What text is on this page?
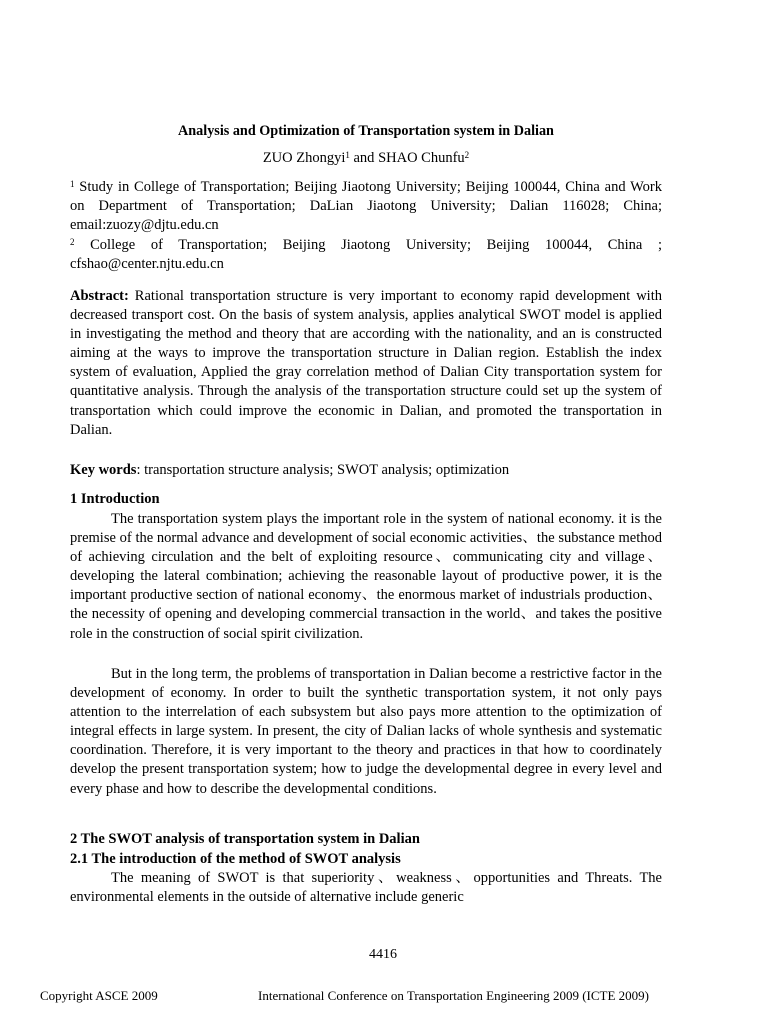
Analysis and Optimization of Transportation system in Dalian
ZUO Zhongyi$^1$ and SHAO Chunfu$^2$

$^1$ Study in College of Transportation; Beijing Jiaotong University; Beijing 100044, China and Work on Department of Transportation; DaLian Jiaotong University; Dalian 116028; China; email:zuozy@djtu.edu.cn

$^2$ College of Transportation; Beijing Jiaotong University; Beijing 100044, China ; cfshao@center.njtu.edu.cn

Abstract: Rational transportation structure is very important to economy rapid development with decreased transport cost. On the basis of system analysis, applies analytical SWOT model is applied in investigating the method and theory that are according with the nationality, and an is constructed aiming at the ways to improve the transportation structure in Dalian region. Establish the index system of evaluation, Applied the gray correlation method of Dalian City transportation system for quantitative analysis. Through the analysis of the transportation structure could set up the system of transportation which could improve the economic in Dalian, and promoted the transportation in Dalian.

Key words: transportation structure analysis; SWOT analysis; optimization

1 Introduction

The transportation system plays the important role in the system of national economy. it is the premise of the normal advance and development of social economic activities、the substance method of achieving circulation and the belt of exploiting resource、communicating city and village、developing the lateral combination; achieving the reasonable layout of productive power, it is the important productive section of national economy、the enormous market of industrials production、the necessity of opening and developing commercial transaction in the world、and takes the positive role in the construction of social spirit civilization.

But in the long term, the problems of transportation in Dalian become a restrictive factor in the development of economy. In order to built the synthetic transportation system, it not only pays attention to the interrelation of each subsystem but also pays more attention to the optimization of integral effects in large system. In present, the city of Dalian lacks of whole synthesis and systematic coordination. Therefore, it is very important to the theory and practices in that how to coordinately develop the present transportation system; how to judge the developmental degree in every level and every phase and how to describe the developmental conditions.

2 The SWOT analysis of transportation system in Dalian

2.1 The introduction of the method of SWOT analysis

The meaning of SWOT is that superiority、weakness、opportunities and Threats. The environmental elements in the outside of alternative include generic

4416
Copyright ASCE 2009	International Conference on Transportation Engineering 2009 (ICTE 2009)
